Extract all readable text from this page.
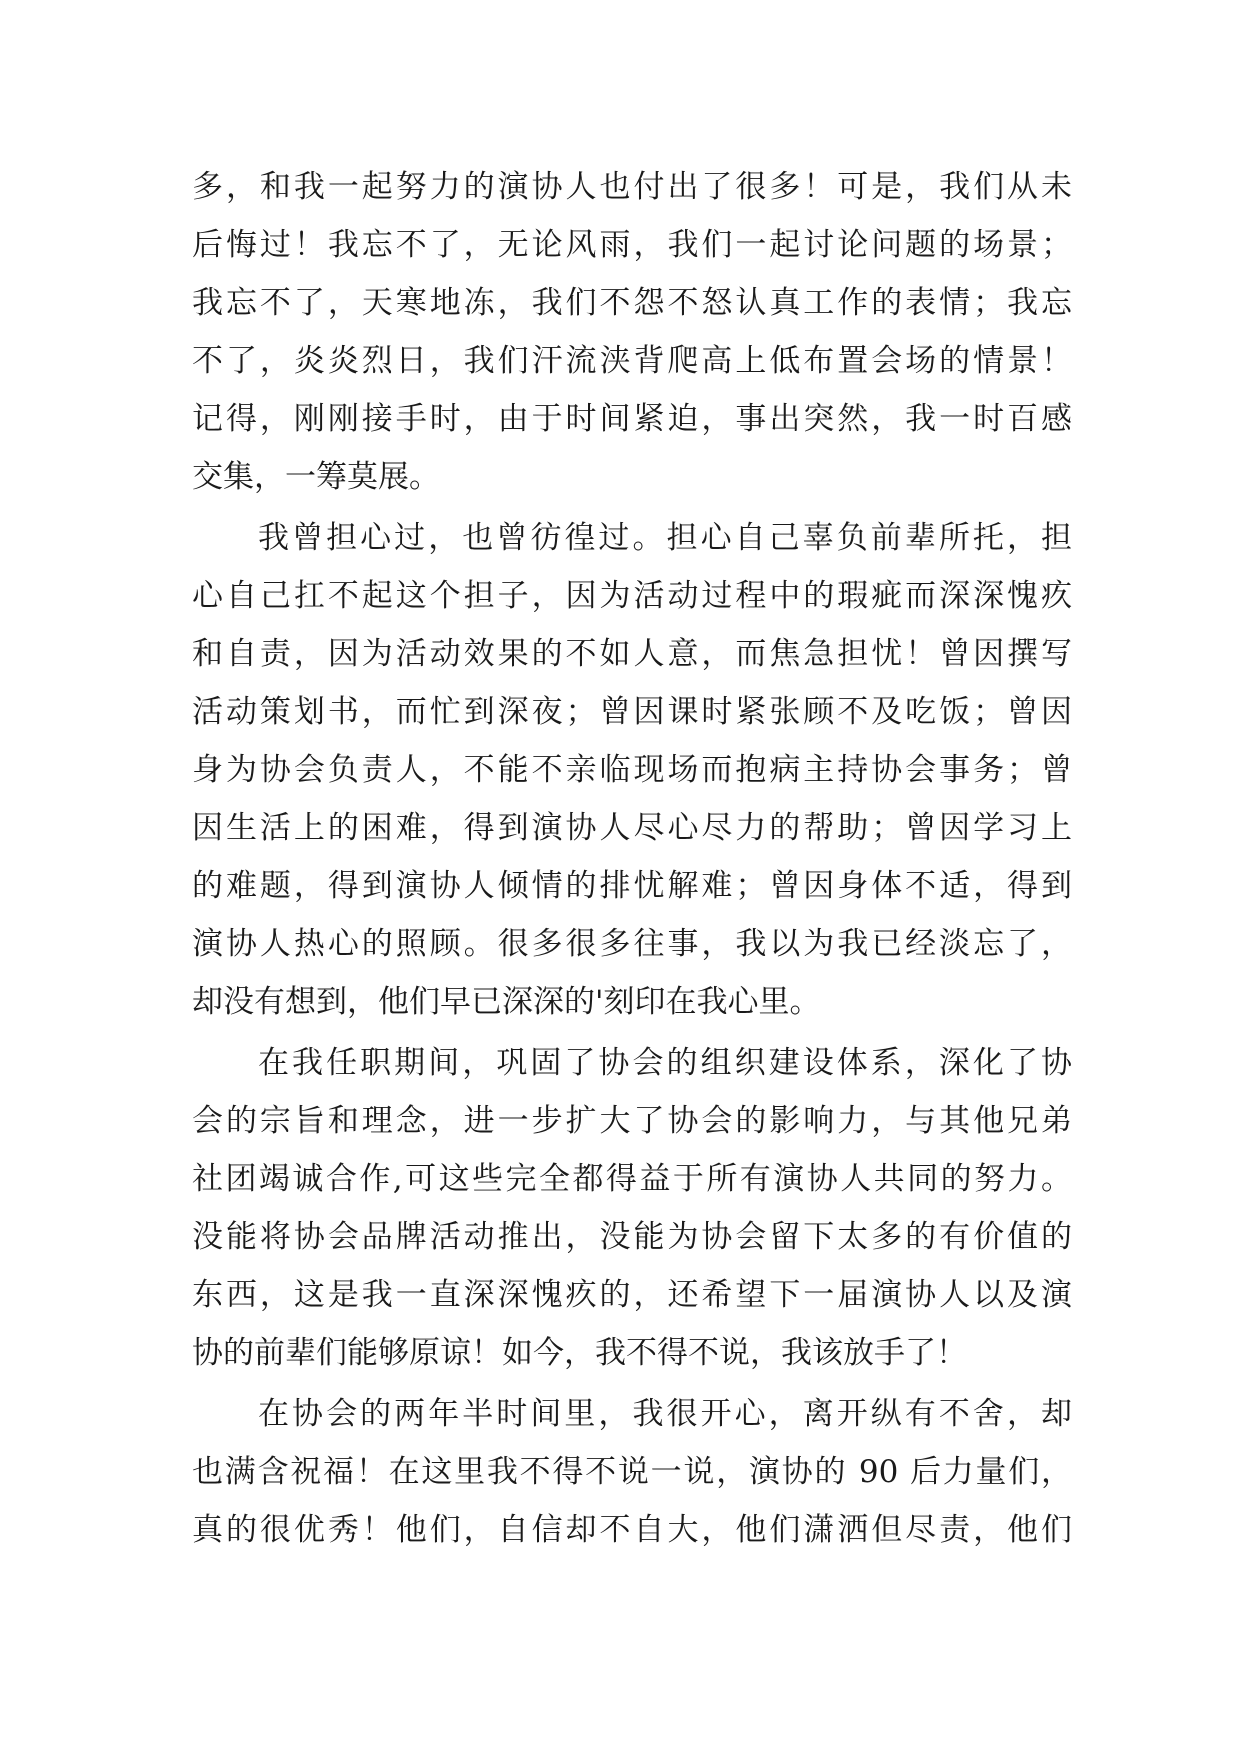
多，和我一起努力的演协人也付出了很多！可是，我们从未
后悔过！我忘不了，无论风雨，我们一起讨论问题的场景；
我忘不了，天寒地冻，我们不怨不怒认真工作的表情；我忘
不了，炎炎烈日，我们汗流浃背爬高上低布置会场的情景！
记得，刚刚接手时，由于时间紧迫，事出突然，我一时百感
交集，一筹莫展。
我曾担心过，也曾彷徨过。担心自己辜负前辈所托，担
心自己扛不起这个担子，因为活动过程中的瑕疵而深深愧疚
和自责，因为活动效果的不如人意，而焦急担忧！曾因撰写
活动策划书，而忙到深夜；曾因课时紧张顾不及吃饭；曾因
身为协会负责人，不能不亲临现场而抱病主持协会事务；曾
因生活上的困难，得到演协人尽心尽力的帮助；曾因学习上
的难题，得到演协人倾情的排忧解难；曾因身体不适，得到
演协人热心的照顾。很多很多往事，我以为我已经淡忘了，
却没有想到，他们早已深深的'刻印在我心里。
在我任职期间，巩固了协会的组织建设体系，深化了协
会的宗旨和理念，进一步扩大了协会的影响力，与其他兄弟
社团竭诚合作,可这些完全都得益于所有演协人共同的努力。
没能将协会品牌活动推出，没能为协会留下太多的有价值的
东西，这是我一直深深愧疚的，还希望下一届演协人以及演
协的前辈们能够原谅！如今，我不得不说，我该放手了！
在协会的两年半时间里，我很开心，离开纵有不舍，却
也满含祝福！在这里我不得不说一说，演协的 90 后力量们，
真的很优秀！他们，自信却不自大，他们潇洒但尽责，他们
